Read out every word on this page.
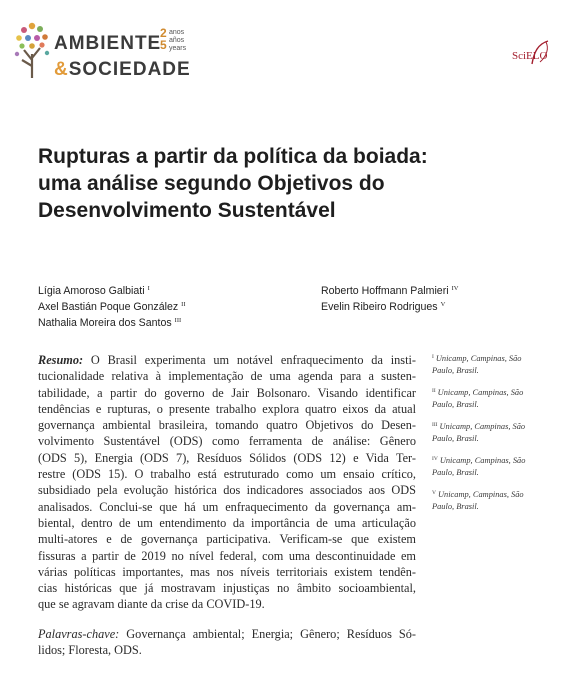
AMBIENTE
&SOCIEDADE
2
5
anos
años
years
SciELO
Rupturas a partir da política da boiada:
uma análise segundo Objetivos do
Desenvolvimento Sustentável
Lígia Amoroso Galbiati $^I$
Axel Bastián Poque González $^{II}$
Nathalia Moreira dos Santos $^{III}$
Roberto Hoffmann Palmieri $^{IV}$
Evelin Ribeiro Rodrigues $^V$
Resumo: O Brasil experimenta um notável enfraquecimento da insti-
tucionalidade relativa à implementação de uma agenda para a susten-
tabilidade, a partir do governo de Jair Bolsonaro. Visando identificar
tendências e rupturas, o presente trabalho explora quatro eixos da atual
governança ambiental brasileira, tomando quatro Objetivos do Desen-
volvimento Sustentável (ODS) como ferramenta de análise: Gênero
(ODS 5), Energia (ODS 7), Resíduos Sólidos (ODS 12) e Vida Ter-
restre (ODS 15). O trabalho está estruturado como um ensaio crítico,
subsidiado pela evolução histórica dos indicadores associados aos ODS
analisados. Conclui-se que há um enfraquecimento da governança am-
biental, dentro de um entendimento da importância de uma articulação
multi-atores e de governança participativa. Verificam-se que existem
fissuras a partir de 2019 no nível federal, com uma descontinuidade em
várias políticas importantes, mas nos níveis territoriais existem tendên-
cias históricas que já mostravam injustiças no âmbito socioambiental,
que se agravam diante da crise da COVID-19.
Palavras-chave: Governança ambiental; Energia; Gênero; Resíduos Só-
lidos; Floresta, ODS.
$^I$ Unicamp, Campinas, São
Paulo, Brasil.
$^{II}$ Unicamp, Campinas, São
Paulo, Brasil.
$^{III}$ Unicamp, Campinas, São
Paulo, Brasil.
$^{IV}$ Unicamp, Campinas, São
Paulo, Brasil.
$^V$ Unicamp, Campinas, São
Paulo, Brasil.
